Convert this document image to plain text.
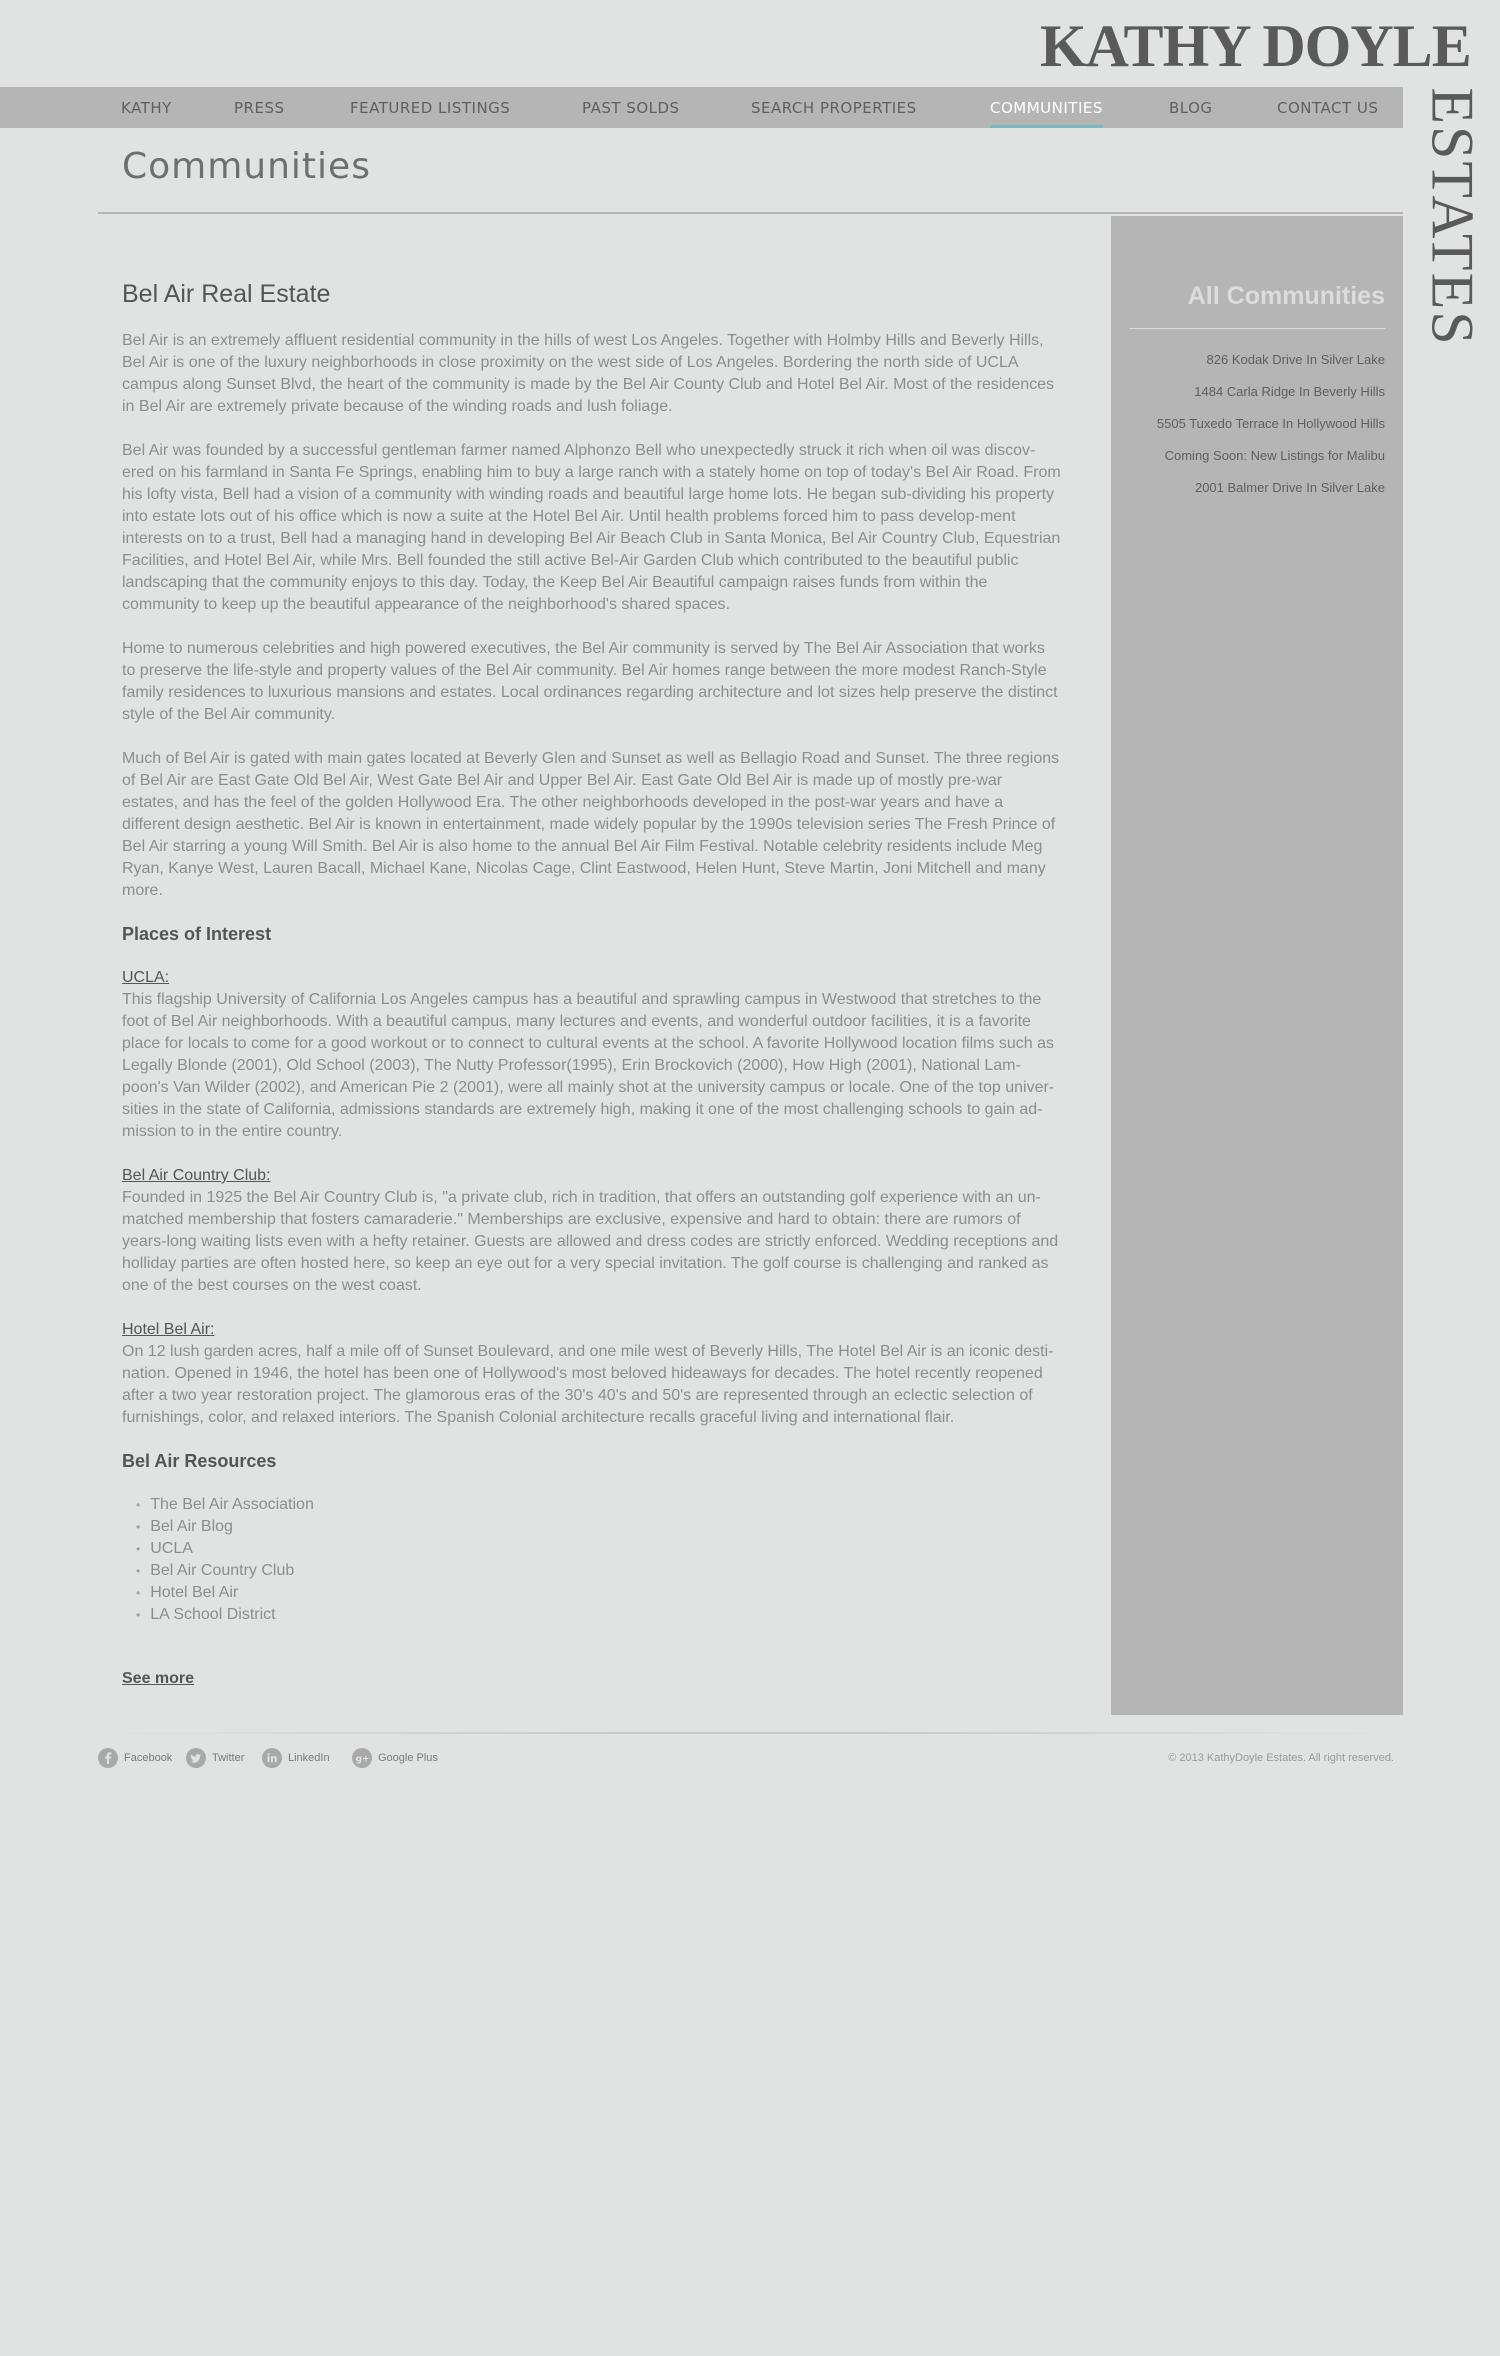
KATHY DOYLE
ESTATES
KATHY	PRESS	FEATURED LISTINGS	PAST SOLDS	SEARCH PROPERTIES	COMMUNITIES	BLOG	CONTACT US
Communities
Bel Air Real Estate

Bel Air is an extremely affluent residential community in the hills of west Los Angeles. Together with Holmby Hills and Beverly Hills, Bel Air is one of the luxury neighborhoods in close proximity on the west side of Los Angeles. Bordering the north side of UCLA campus along Sunset Blvd, the heart of the community is made by the Bel Air County Club and Hotel Bel Air. Most of the residences in Bel Air are extremely private because of the winding roads and lush foliage.

Bel Air was founded by a successful gentleman farmer named Alphonzo Bell who unexpectedly struck it rich when oil was discov-ered on his farmland in Santa Fe Springs, enabling him to buy a large ranch with a stately home on top of today's Bel Air Road. From his lofty vista, Bell had a vision of a community with winding roads and beautiful large home lots. He began sub-dividing his property into estate lots out of his office which is now a suite at the Hotel Bel Air. Until health problems forced him to pass develop-ment interests on to a trust, Bell had a managing hand in developing Bel Air Beach Club in Santa Monica, Bel Air Country Club, Equestrian Facilities, and Hotel Bel Air, while Mrs. Bell founded the still active Bel-Air Garden Club which contributed to the beautiful public landscaping that the community enjoys to this day. Today, the Keep Bel Air Beautiful campaign raises funds from within the community to keep up the beautiful appearance of the neighborhood's shared spaces.

Home to numerous celebrities and high powered executives, the Bel Air community is served by The Bel Air Association that works to preserve the life-style and property values of the Bel Air community. Bel Air homes range between the more modest Ranch-Style family residences to luxurious mansions and estates. Local ordinances regarding architecture and lot sizes help preserve the distinct style of the Bel Air community.

Much of Bel Air is gated with main gates located at Beverly Glen and Sunset as well as Bellagio Road and Sunset. The three regions of Bel Air are East Gate Old Bel Air, West Gate Bel Air and Upper Bel Air. East Gate Old Bel Air is made up of mostly pre-war estates, and has the feel of the golden Hollywood Era. The other neighborhoods developed in the post-war years and have a different design aesthetic. Bel Air is known in entertainment, made widely popular by the 1990s television series The Fresh Prince of Bel Air starring a young Will Smith. Bel Air is also home to the annual Bel Air Film Festival. Notable celebrity residents include Meg Ryan, Kanye West, Lauren Bacall, Michael Kane, Nicolas Cage, Clint Eastwood, Helen Hunt, Steve Martin, Joni Mitchell and many more.

Places of Interest
UCLA:

This flagship University of California Los Angeles campus has a beautiful and sprawling campus in Westwood that stretches to the foot of Bel Air neighborhoods. With a beautiful campus, many lectures and events, and wonderful outdoor facilities, it is a favorite place for locals to come for a good workout or to connect to cultural events at the school. A favorite Hollywood location films such as Legally Blonde (2001), Old School (2003), The Nutty Professor(1995), Erin Brockovich (2000), How High (2001), National Lam-poon's Van Wilder (2002), and American Pie 2 (2001), were all mainly shot at the university campus or locale. One of the top univer-sities in the state of California, admissions standards are extremely high, making it one of the most challenging schools to gain ad-mission to in the entire country.

Bel Air Country Club:

Founded in 1925 the Bel Air Country Club is, "a private club, rich in tradition, that offers an outstanding golf experience with an un-matched membership that fosters camaraderie." Memberships are exclusive, expensive and hard to obtain: there are rumors of years-long waiting lists even with a hefty retainer. Guests are allowed and dress codes are strictly enforced. Wedding receptions and holliday parties are often hosted here, so keep an eye out for a very special invitation. The golf course is challenging and ranked as one of the best courses on the west coast.

Hotel Bel Air:

On 12 lush garden acres, half a mile off of Sunset Boulevard, and one mile west of Beverly Hills, The Hotel Bel Air is an iconic desti-nation. Opened in 1946, the hotel has been one of Hollywood's most beloved hideaways for decades. The hotel recently reopened after a two year restoration project. The glamorous eras of the 30's 40's and 50's are represented through an eclectic selection of furnishings, color, and relaxed interiors. The Spanish Colonial architecture recalls graceful living and international flair.

Bel Air Resources
• The Bel Air Association
• Bel Air Blog
• UCLA
• Bel Air Country Club
• Hotel Bel Air
• LA School District
See more
All Communities
826 Kodak Drive In Silver Lake
1484 Carla Ridge In Beverly Hills
5505 Tuxedo Terrace In Hollywood Hills
Coming Soon: New Listings for Malibu
2001 Balmer Drive In Silver Lake
Facebook	Twitter	LinkedIn	g+ Google Plus	© 2013 KathyDoyle Estates. All right reserved.
